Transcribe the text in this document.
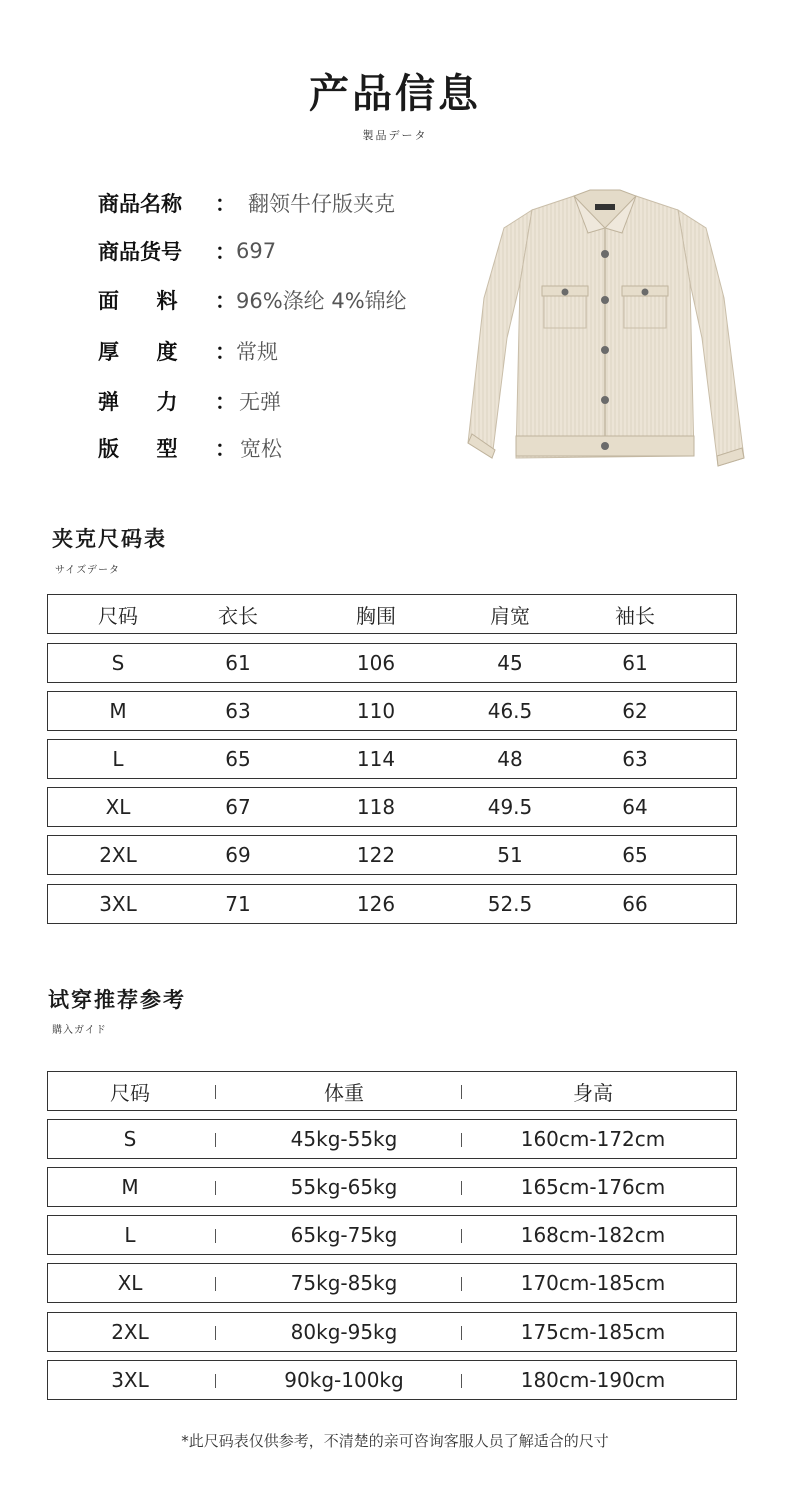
产品信息
製品データ
商品名称 ： 翻领牛仔版夹克
商品货号 ： 697
面 料 ： 96%涤纶 4%锦纶
厚 度 ： 常规
弹 力 ： 无弹
版 型 ： 宽松
夹克尺码表
サイズデータ
尺码	衣长	胸围	肩宽	袖长
S	61	106	45	61
M	63	110	46.5	62
L	65	114	48	63
XL	67	118	49.5	64
2XL	69	122	51	65
3XL	71	126	52.5	66
试穿推荐参考
購入ガイド
尺码	体重	身高
S	45kg-55kg	160cm-172cm
M	55kg-65kg	165cm-176cm
L	65kg-75kg	168cm-182cm
XL	75kg-85kg	170cm-185cm
2XL	80kg-95kg	175cm-185cm
3XL	90kg-100kg	180cm-190cm
*此尺码表仅供参考，不清楚的亲可咨询客服人员了解适合的尺寸
